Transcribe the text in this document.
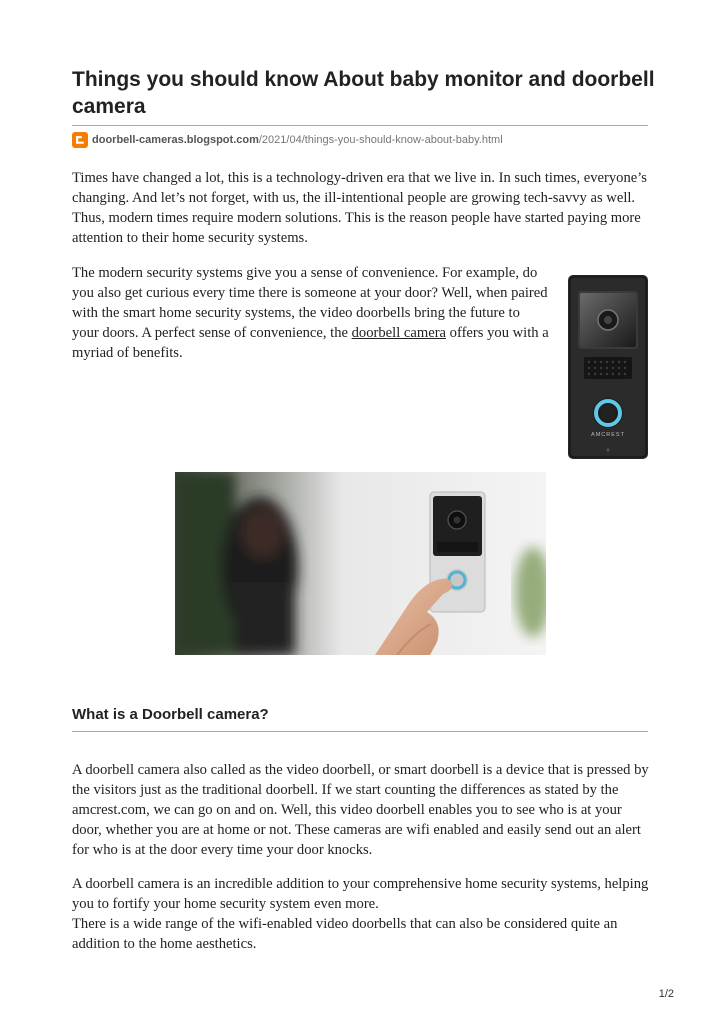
Things you should know About baby monitor and doorbell camera
doorbell-cameras.blogspot.com /2021/04/things-you-should-know-about-baby.html

Times have changed a lot, this is a technology-driven era that we live in. In such times, everyone’s changing. And let’s not forget, with us, the ill-intentional people are growing tech-savvy as well. Thus, modern times require modern solutions. This is the reason people have started paying more attention to their home security systems.

The modern security systems give you a sense of convenience. For example, do you also get curious every time there is someone at your door? Well, when paired with the smart home security systems, the video doorbells bring the future to your doors. A perfect sense of convenience, the doorbell camera offers you with a myriad of benefits.

AMCREST
What is a Doorbell camera?

A doorbell camera also called as the video doorbell, or smart doorbell is a device that is pressed by the visitors just as the traditional doorbell. If we start counting the differences as stated by the amcrest.com, we can go on and on. Well, this video doorbell enables you to see who is at your door, whether you are at home or not. These cameras are wifi enabled and easily send out an alert for who is at the door every time your door knocks.

A doorbell camera is an incredible addition to your comprehensive home security systems, helping you to fortify your home security system even more.
There is a wide range of the wifi-enabled video doorbells that can also be considered quite an addition to the home aesthetics.

1/2
